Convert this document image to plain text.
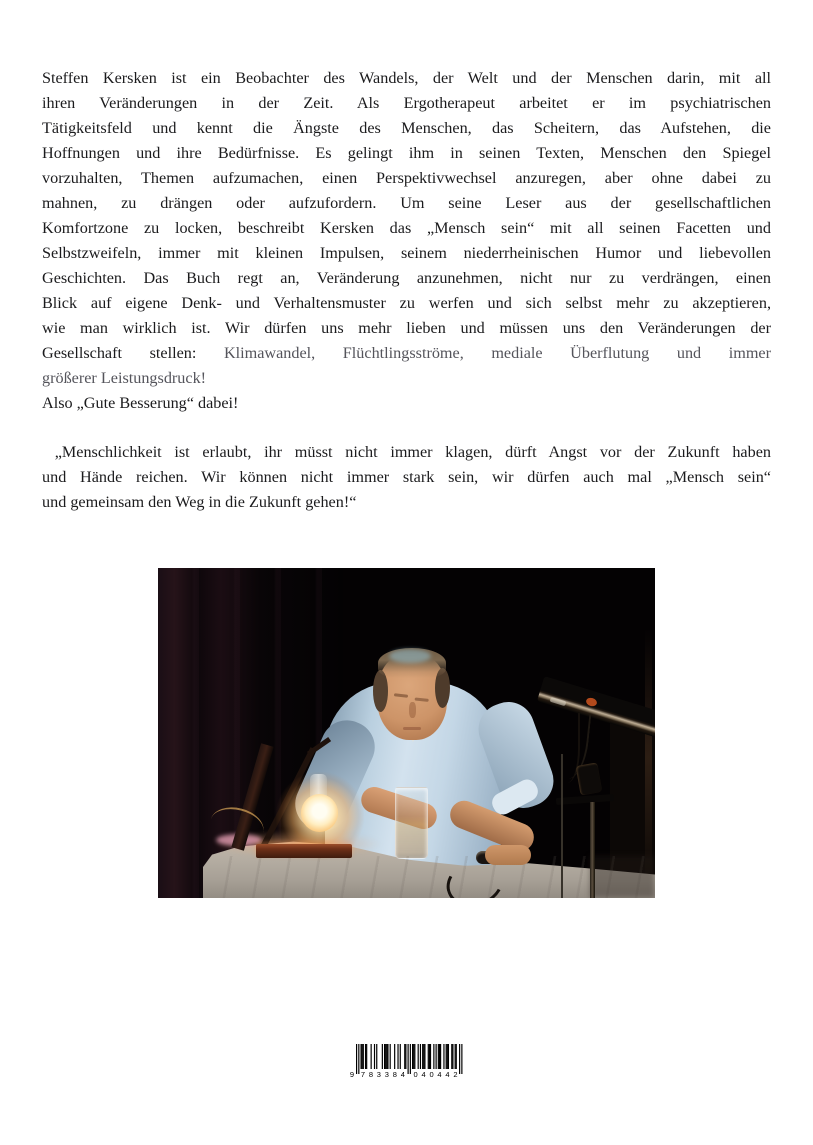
Steffen Kersken ist ein Beobachter des Wandels, der Welt und der Menschen darin, mit all
ihren Veränderungen in der Zeit. Als Ergotherapeut arbeitet er im psychiatrischen
Tätigkeitsfeld und kennt die Ängste des Menschen, das Scheitern, das Aufstehen, die
Hoffnungen und ihre Bedürfnisse. Es gelingt ihm in seinen Texten, Menschen den Spiegel
vorzuhalten, Themen aufzumachen, einen Perspektivwechsel anzuregen, aber ohne dabei zu
mahnen, zu drängen oder aufzufordern. Um seine Leser aus der gesellschaftlichen
Komfortzone zu locken, beschreibt Kersken das „Mensch sein“ mit all seinen Facetten und
Selbstzweifeln, immer mit kleinen Impulsen, seinem niederrheinischen Humor und liebevollen
Geschichten. Das Buch regt an, Veränderung anzunehmen, nicht nur zu verdrängen, einen
Blick auf eigene Denk- und Verhaltensmuster zu werfen und sich selbst mehr zu akzeptieren,
wie man wirklich ist. Wir dürfen uns mehr lieben und müssen uns den Veränderungen der
Gesellschaft stellen: Klimawandel, Flüchtlingsströme, mediale Überflutung und immer
größerer Leistungsdruck!
Also „Gute Besserung“ dabei!
„Menschlichkeit ist erlaubt, ihr müsst nicht immer klagen, dürft Angst vor der Zukunft haben
und Hände reichen. Wir können nicht immer stark sein, wir dürfen auch mal „Mensch sein“
und gemeinsam den Weg in die Zukunft gehen!“
9 783384 040442
